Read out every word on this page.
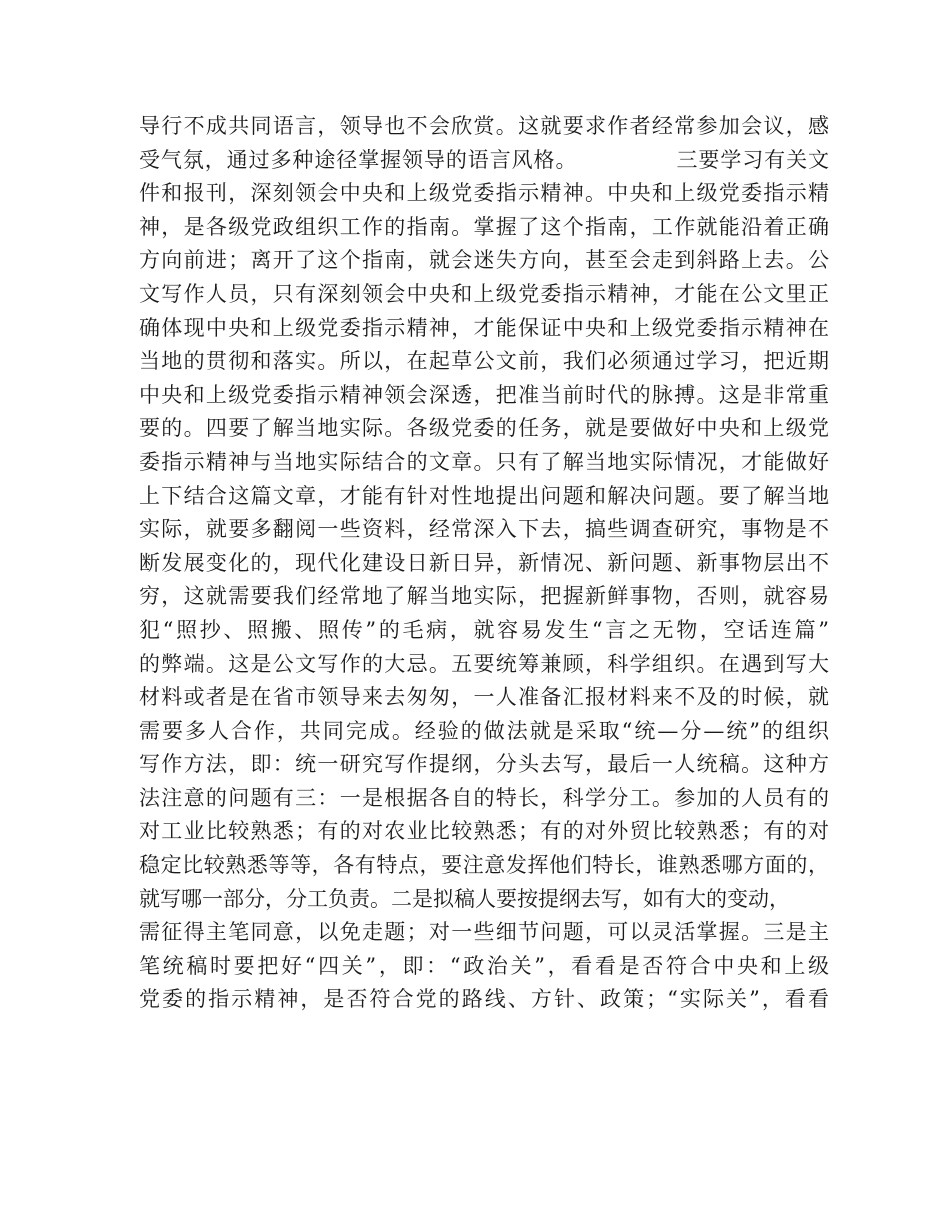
导行不成共同语言，领导也不会欣赏。这就要求作者经常参加会议，感
受气氛，通过多种途径掌握领导的语言风格。　　　　　三要学习有关文
件和报刊，深刻领会中央和上级党委指示精神。中央和上级党委指示精
神，是各级党政组织工作的指南。掌握了这个指南，工作就能沿着正确
方向前进；离开了这个指南，就会迷失方向，甚至会走到斜路上去。公
文写作人员，只有深刻领会中央和上级党委指示精神，才能在公文里正
确体现中央和上级党委指示精神，才能保证中央和上级党委指示精神在
当地的贯彻和落实。所以，在起草公文前，我们必须通过学习，把近期
中央和上级党委指示精神领会深透，把准当前时代的脉搏。这是非常重
要的。四要了解当地实际。各级党委的任务，就是要做好中央和上级党
委指示精神与当地实际结合的文章。只有了解当地实际情况，才能做好
上下结合这篇文章，才能有针对性地提出问题和解决问题。要了解当地
实际，就要多翻阅一些资料，经常深入下去，搞些调查研究，事物是不
断发展变化的，现代化建设日新日异，新情况、新问题、新事物层出不
穷，这就需要我们经常地了解当地实际，把握新鲜事物，否则，就容易
犯“照抄、照搬、照传”的毛病，就容易发生“言之无物，空话连篇”
的弊端。这是公文写作的大忌。五要统筹兼顾，科学组织。在遇到写大
材料或者是在省市领导来去匆匆，一人准备汇报材料来不及的时候，就
需要多人合作，共同完成。经验的做法就是采取“统—分—统”的组织
写作方法，即：统一研究写作提纲，分头去写，最后一人统稿。这种方
法注意的问题有三：一是根据各自的特长，科学分工。参加的人员有的
对工业比较熟悉；有的对农业比较熟悉；有的对外贸比较熟悉；有的对
稳定比较熟悉等等，各有特点，要注意发挥他们特长，谁熟悉哪方面的，
就写哪一部分，分工负责。二是拟稿人要按提纲去写，如有大的变动，
需征得主笔同意，以免走题；对一些细节问题，可以灵活掌握。三是主
笔统稿时要把好“四关”，即：“政治关”，看看是否符合中央和上级
党委的指示精神，是否符合党的路线、方针、政策；“实际关”，看看
